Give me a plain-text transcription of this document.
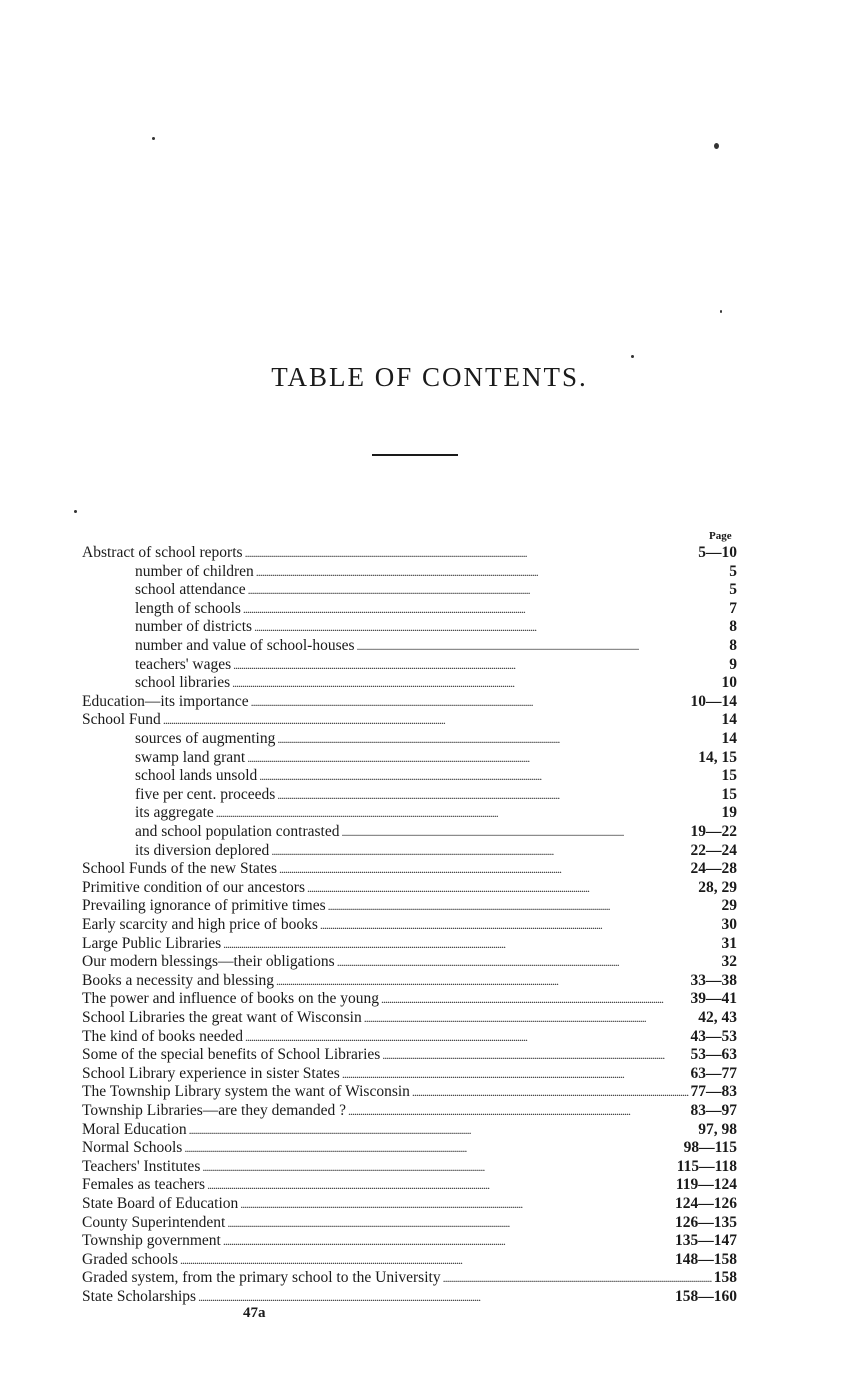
TABLE OF CONTENTS.
Page
Abstract of school reports . . .	5—10
number of children . . .	5
school attendance . . .	5
length of schools . . .	7
number of districts . . .	8
number and value of school-houses . . .	8
teachers' wages . . .	9
school libraries . . .	10
Education—its importance . . .	10—14
School Fund . . .	14
sources of augmenting . . .	14
swamp land grant . . .	14, 15
school lands unsold . . .	15
five per cent. proceeds . . .	15
its aggregate . . .	19
and school population contrasted . . .	19—22
its diversion deplored . . .	22—24
School Funds of the new States . . .	24—28
Primitive condition of our ancestors . . .	28, 29
Prevailing ignorance of primitive times . . .	29
Early scarcity and high price of books . . .	30
Large Public Libraries . . .	31
Our modern blessings—their obligations . . .	32
Books a necessity and blessing . . .	33—38
The power and influence of books on the young . . .	39—41
School Libraries the great want of Wisconsin . . .	42, 43
The kind of books needed . . .	43—53
Some of the special benefits of School Libraries . . .	53—63
School Library experience in sister States . . .	63—77
The Township Library system the want of Wisconsin . . .	77—83
Township Libraries—are they demanded ? . . .	83—97
Moral Education . . .	97, 98
Normal Schools . . .	98—115
Teachers' Institutes . . .	115—118
Females as teachers . . .	119—124
State Board of Education . . .	124—126
County Superintendent . . .	126—135
Township government . . .	135—147
Graded schools . . .	148—158
Graded system, from the primary school to the University . . .	158
State Scholarships . . .	158—160
47a
